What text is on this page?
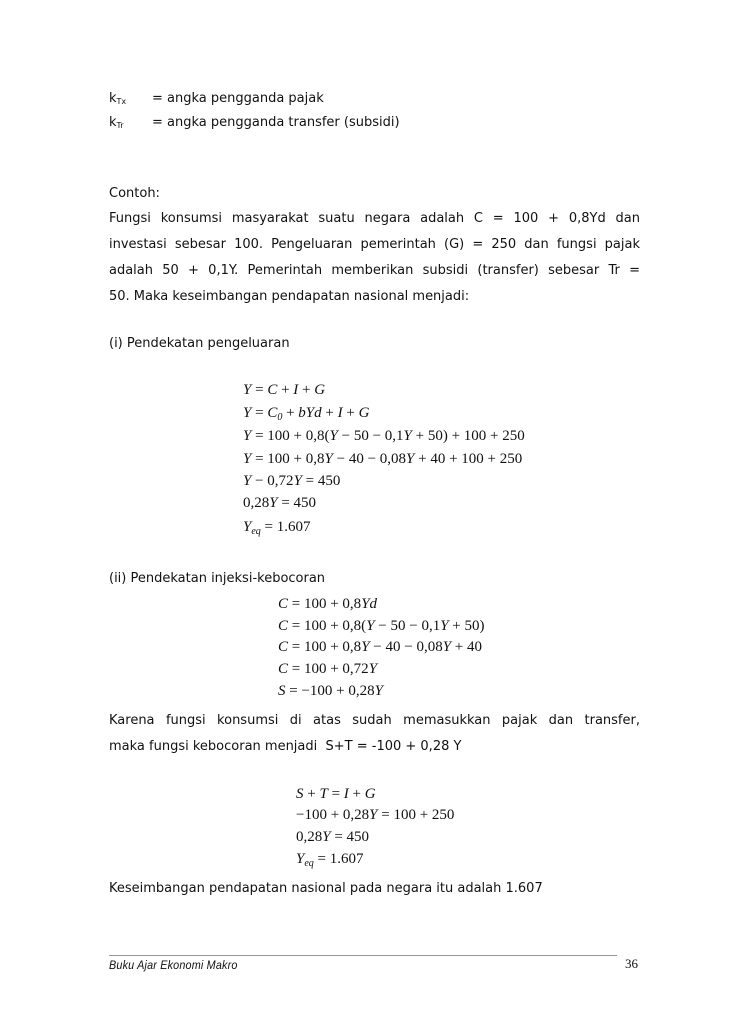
$k_{Tx}$ = angka pengganda pajak
$k_{Tr}$ = angka pengganda transfer (subsidi)
Contoh:
Fungsi konsumsi masyarakat suatu negara adalah C = 100 + 0,8Yd dan
investasi sebesar 100. Pengeluaran pemerintah (G) = 250 dan fungsi pajak
adalah 50 + 0,1Y. Pemerintah memberikan subsidi (transfer) sebesar Tr =
50. Maka keseimbangan pendapatan nasional menjadi:
(i) Pendekatan pengeluaran
Y = C + I + G
$Y = C_0$ + bYd + I + G
Y = 100 + 0,8(Y − 50 − 0,1Y + 50) + 100 + 250
Y = 100 + 0,8Y − 40 − 0,08Y + 40 + 100 + 250
Y − 0,72Y = 450
0,28Y = 450
$Y_{eq} = 1.607$
(ii) Pendekatan injeksi-kebocoran
C = 100 + 0,8Yd
C = 100 + 0,8(Y − 50 − 0,1Y + 50)
C = 100 + 0,8Y − 40 − 0,08Y + 40
C = 100 + 0,72Y
S = −100 + 0,28Y
Karena fungsi konsumsi di atas sudah memasukkan pajak dan transfer,
maka fungsi kebocoran menjadi  S+T = -100 + 0,28 Y
S + T = I + G
−100 + 0,28Y = 100 + 250
0,28Y = 450
$Y_{eq} = 1.607$
Keseimbangan pendapatan nasional pada negara itu adalah 1.607
Buku Ajar Ekonomi Makro	36
